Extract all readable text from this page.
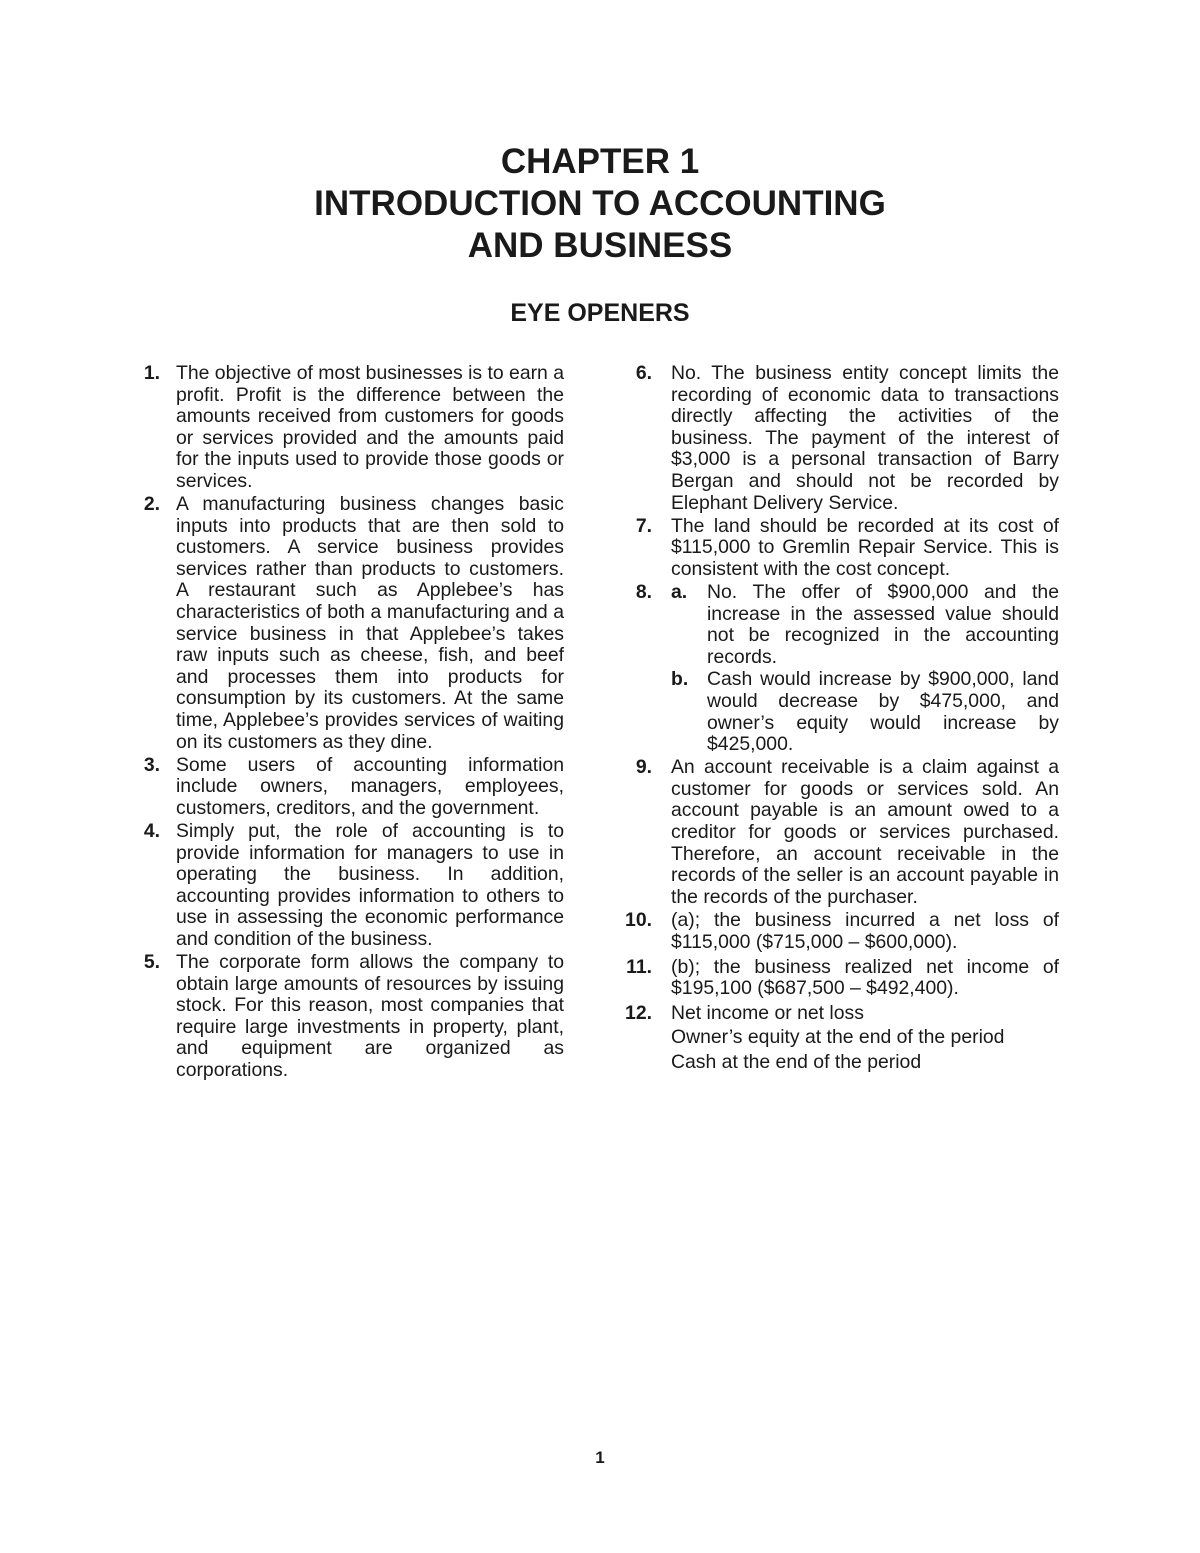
CHAPTER 1
INTRODUCTION TO ACCOUNTING
AND BUSINESS
EYE OPENERS
1. The objective of most businesses is to earn a profit. Profit is the difference between the amounts received from customers for goods or services provided and the amounts paid for the inputs used to provide those goods or services.
2. A manufacturing business changes basic inputs into products that are then sold to customers. A service business provides services rather than products to customers. A restaurant such as Applebee’s has characteristics of both a manufacturing and a service business in that Applebee’s takes raw inputs such as cheese, fish, and beef and processes them into products for consumption by its customers. At the same time, Applebee’s provides services of waiting on its customers as they dine.
3. Some users of accounting information include owners, managers, employees, customers, creditors, and the government.
4. Simply put, the role of accounting is to provide information for managers to use in operating the business. In addition, accounting provides information to others to use in assessing the economic performance and condition of the business.
5. The corporate form allows the company to obtain large amounts of resources by issuing stock. For this reason, most companies that require large investments in property, plant, and equipment are organized as corporations.
6. No. The business entity concept limits the recording of economic data to transactions directly affecting the activities of the business. The payment of the interest of $3,000 is a personal transaction of Barry Bergan and should not be recorded by Elephant Delivery Service.
7. The land should be recorded at its cost of $115,000 to Gremlin Repair Service. This is consistent with the cost concept.
8. a. No. The offer of $900,000 and the increase in the assessed value should not be recognized in the accounting records.
b. Cash would increase by $900,000, land would decrease by $475,000, and owner’s equity would increase by $425,000.
9. An account receivable is a claim against a customer for goods or services sold. An account payable is an amount owed to a creditor for goods or services purchased. Therefore, an account receivable in the records of the seller is an account payable in the records of the purchaser.
10. (a); the business incurred a net loss of $115,000 ($715,000 – $600,000).
11. (b); the business realized net income of $195,100 ($687,500 – $492,400).
12. Net income or net loss
Owner’s equity at the end of the period
Cash at the end of the period
1
